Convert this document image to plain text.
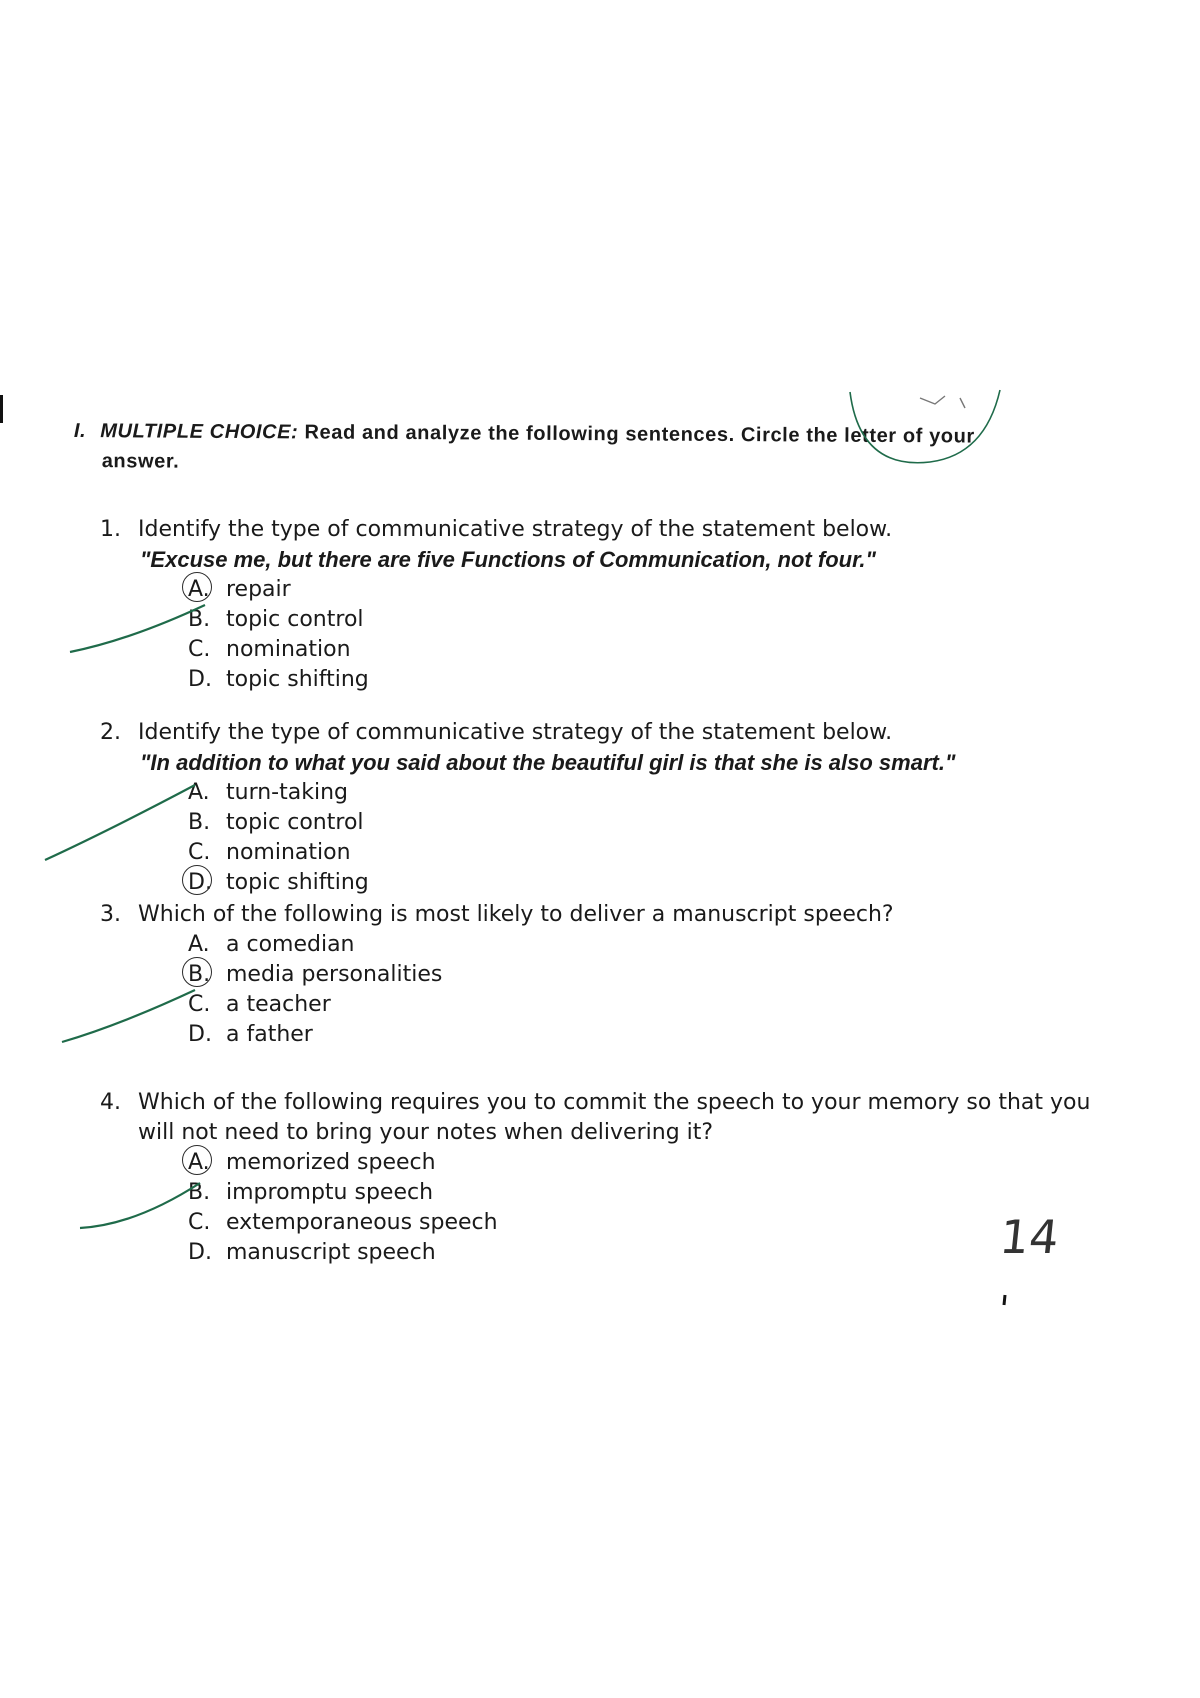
I. MULTIPLE CHOICE: Read and analyze the following sentences. Circle the letter of your
answer.
1. Identify the type of communicative strategy of the statement below.
"Excuse me, but there are five Functions of Communication, not four."
A. repair
B. topic control
C. nomination
D. topic shifting
2. Identify the type of communicative strategy of the statement below.
"In addition to what you said about the beautiful girl is that she is also smart."
A. turn-taking
B. topic control
C. nomination
D. topic shifting
3. Which of the following is most likely to deliver a manuscript speech?
A. a comedian
B. media personalities
C. a teacher
D. a father
4. Which of the following requires you to commit the speech to your memory so that you
will not need to bring your notes when delivering it?
A. memorized speech
B. impromptu speech
C. extemporaneous speech
D. manuscript speech	14
